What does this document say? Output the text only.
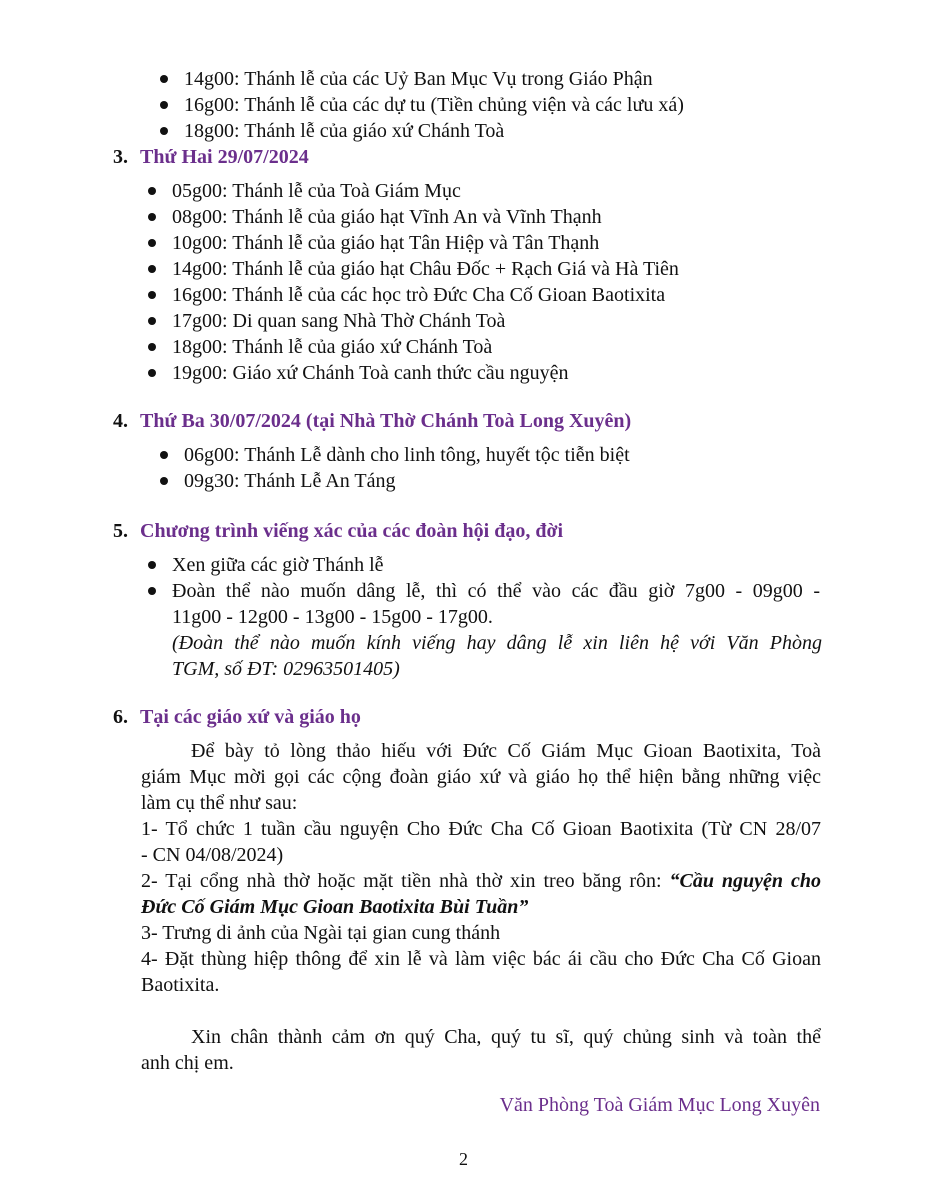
14g00: Thánh lễ của các Uỷ Ban Mục Vụ trong Giáo Phận
16g00: Thánh lễ của các dự tu (Tiền chủng viện và các lưu xá)
18g00: Thánh lễ của giáo xứ Chánh Toà
3. Thứ Hai 29/07/2024
05g00: Thánh lễ của Toà Giám Mục
08g00: Thánh lễ của giáo hạt Vĩnh An và Vĩnh Thạnh
10g00: Thánh lễ của giáo hạt Tân Hiệp và Tân Thạnh
14g00: Thánh lễ của giáo hạt Châu Đốc + Rạch Giá và Hà Tiên
16g00: Thánh lễ của các học trò Đức Cha Cố Gioan Baotixita
17g00: Di quan sang Nhà Thờ Chánh Toà
18g00: Thánh lễ của giáo xứ Chánh Toà
19g00: Giáo xứ Chánh Toà canh thức cầu nguyện
4. Thứ Ba 30/07/2024 (tại Nhà Thờ Chánh Toà Long Xuyên)
06g00: Thánh Lễ dành cho linh tông, huyết tộc tiễn biệt
09g30: Thánh Lễ An Táng
5. Chương trình viếng xác của các đoàn hội đạo, đời
Xen giữa các giờ Thánh lễ
Đoàn thể nào muốn dâng lễ, thì có thể vào các đầu giờ 7g00 - 09g00 -
11g00 - 12g00 - 13g00 - 15g00 - 17g00.
(Đoàn thể nào muốn kính viếng hay dâng lễ xin liên hệ với Văn Phòng
TGM, số ĐT: 02963501405)
6. Tại các giáo xứ và giáo họ
Để bày tỏ lòng thảo hiếu với Đức Cố Giám Mục Gioan Baotixita, Toà
giám Mục mời gọi các cộng đoàn giáo xứ và giáo họ thể hiện bằng những việc
làm cụ thể như sau:
1- Tổ chức 1 tuần cầu nguyện Cho Đức Cha Cố Gioan Baotixita (Từ CN 28/07
- CN 04/08/2024)
2- Tại cổng nhà thờ hoặc mặt tiền nhà thờ xin treo băng rôn: “Cầu nguyện cho
Đức Cố Giám Mục Gioan Baotixita Bùi Tuần”
3- Trưng di ảnh của Ngài tại gian cung thánh
4- Đặt thùng hiệp thông để xin lễ và làm việc bác ái cầu cho Đức Cha Cố Gioan
Baotixita.
Xin chân thành cảm ơn quý Cha, quý tu sĩ, quý chủng sinh và toàn thể
anh chị em.
Văn Phòng Toà Giám Mục Long Xuyên
2
